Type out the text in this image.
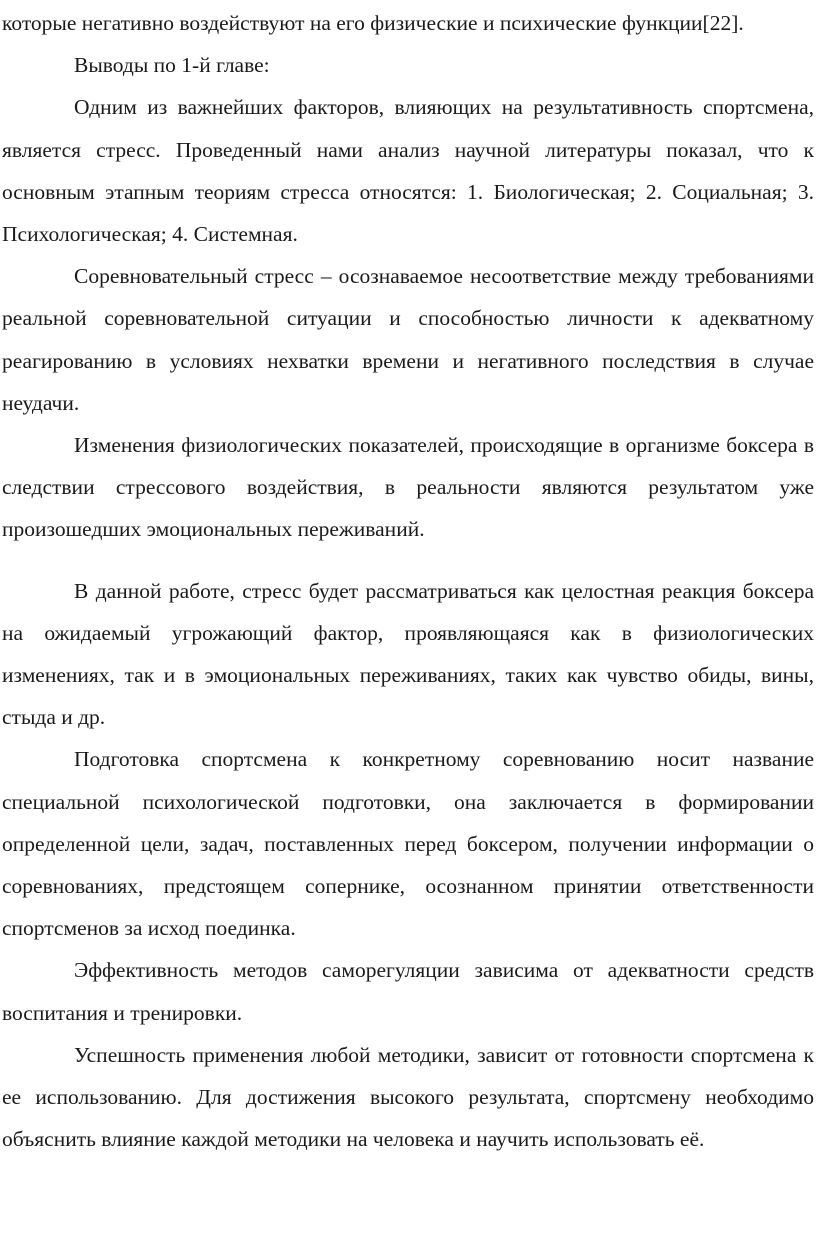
которые негативно воздействуют на его физические и психические функции[22].

Выводы по 1-й главе:

Одним из важнейших факторов, влияющих на результативность спортсмена, является стресс. Проведенный нами анализ научной литературы показал, что к основным этапным теориям стресса относятся: 1. Биологическая; 2. Социальная; 3. Психологическая; 4. Системная.

Соревновательный стресс – осознаваемое несоответствие между требованиями реальной соревновательной ситуации и способностью личности к адекватному реагированию в условиях нехватки времени и негативного последствия в случае неудачи.

Изменения физиологических показателей, происходящие в организме боксера в следствии стрессового воздействия, в реальности являются результатом уже произошедших эмоциональных переживаний.

В данной работе, стресс будет рассматриваться как целостная реакция боксера на ожидаемый угрожающий фактор, проявляющаяся как в физиологических изменениях, так и в эмоциональных переживаниях, таких как чувство обиды, вины, стыда и др.

Подготовка спортсмена к конкретному соревнованию носит название специальной психологической подготовки, она заключается в формировании определенной цели, задач, поставленных перед боксером, получении информации о соревнованиях, предстоящем сопернике, осознанном принятии ответственности спортсменов за исход поединка.

Эффективность методов саморегуляции зависима от адекватности средств воспитания и тренировки.

Успешность применения любой методики, зависит от готовности спортсмена к ее использованию. Для достижения высокого результата, спортсмену необходимо объяснить влияние каждой методики на человека и научить использовать её.
